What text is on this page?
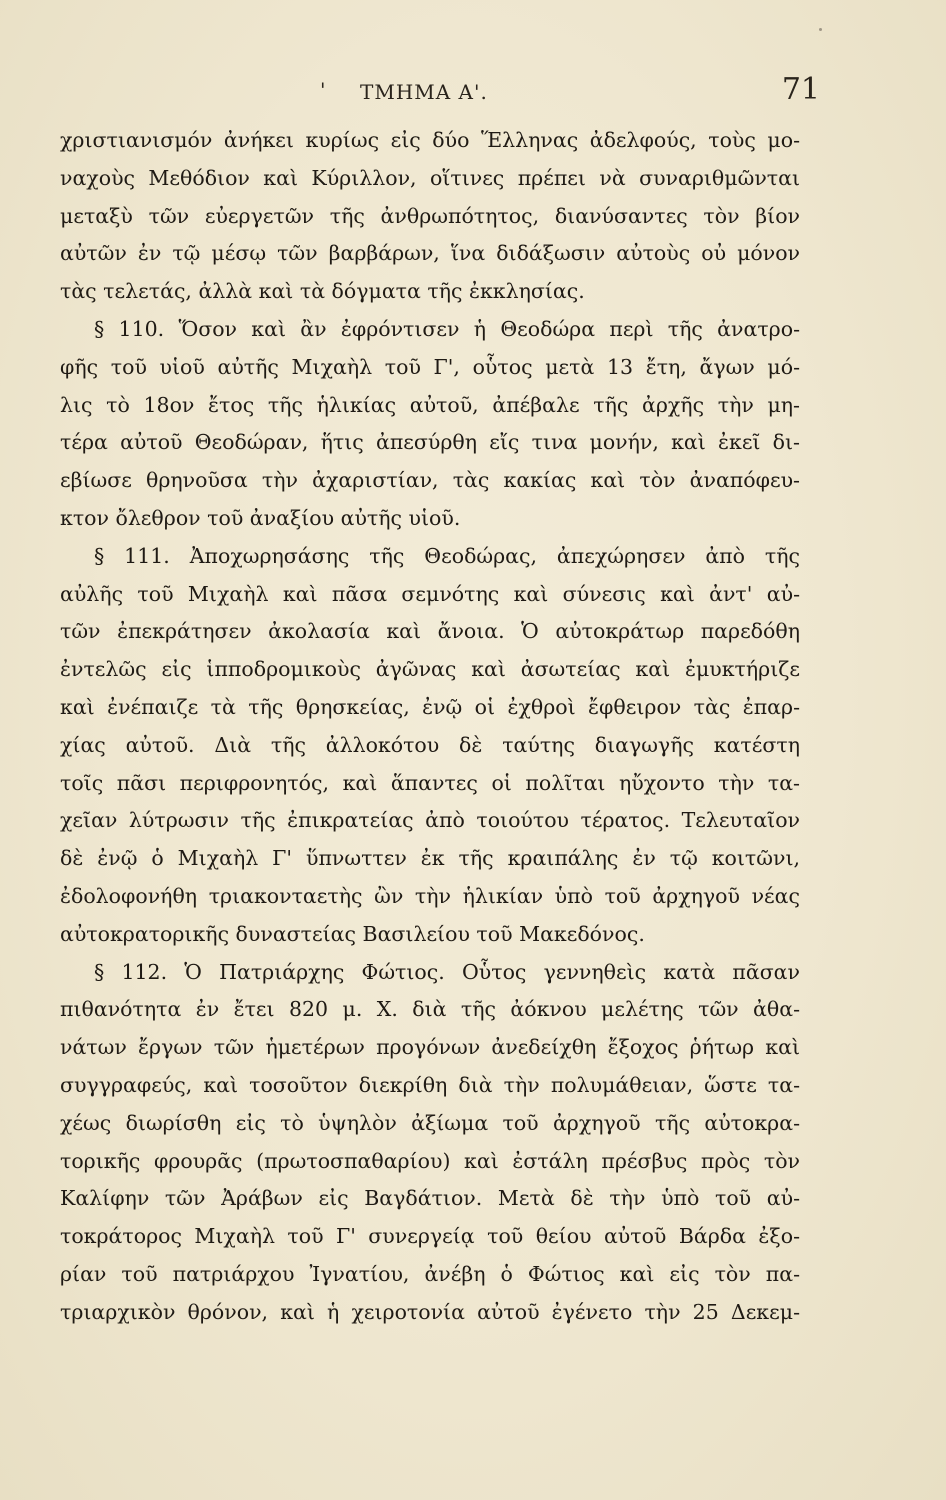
' ΤΜΗΜΑ Α'.	71
χριστιανισμόν ἀνήκει κυρίως εἰς δύο Ἕλληνας ἀδελφούς, τοὺς μο-
ναχοὺς Μεθόδιον καὶ Κύριλλον, οἵτινες πρέπει νὰ συναριθμῶνται
μεταξὺ τῶν εὐεργετῶν τῆς ἀνθρωπότητος, διανύσαντες τὸν βίον
αὐτῶν ἐν τῷ μέσῳ τῶν βαρβάρων, ἵνα διδάξωσιν αὐτοὺς οὐ μόνον
τὰς τελετάς, ἀλλὰ καὶ τὰ δόγματα τῆς ἐκκλησίας.
§ 110. Ὅσον καὶ ἂν ἐφρόντισεν ἡ Θεοδώρα περὶ τῆς ἀνατρο-
φῆς τοῦ υἱοῦ αὐτῆς Μιχαὴλ τοῦ Γ', οὗτος μετὰ 13 ἔτη, ἄγων μό-
λις τὸ 18ον ἔτος τῆς ἡλικίας αὐτοῦ, ἀπέβαλε τῆς ἀρχῆς τὴν μη-
τέρα αὐτοῦ Θεοδώραν, ἥτις ἀπεσύρθη εἴς τινα μονήν, καὶ ἐκεῖ δι-
εβίωσε θρηνοῦσα τὴν ἀχαριστίαν, τὰς κακίας καὶ τὸν ἀναπόφευ-
κτον ὄλεθρον τοῦ ἀναξίου αὐτῆς υἱοῦ.
§ 111. Ἀποχωρησάσης τῆς Θεοδώρας, ἀπεχώρησεν ἀπὸ τῆς
αὐλῆς τοῦ Μιχαὴλ καὶ πᾶσα σεμνότης καὶ σύνεσις καὶ ἀντ' αὐ-
τῶν ἐπεκράτησεν ἀκολασία καὶ ἄνοια. Ὁ αὐτοκράτωρ παρεδόθη
ἐντελῶς εἰς ἱπποδρομικοὺς ἀγῶνας καὶ ἀσωτείας καὶ ἐμυκτήριζε
καὶ ἐνέπαιζε τὰ τῆς θρησκείας, ἐνῷ οἱ ἐχθροὶ ἔφθειρον τὰς ἐπαρ-
χίας αὐτοῦ. Διὰ τῆς ἀλλοκότου δὲ ταύτης διαγωγῆς κατέστη
τοῖς πᾶσι περιφρονητός, καὶ ἅπαντες οἱ πολῖται ηὔχοντο τὴν τα-
χεῖαν λύτρωσιν τῆς ἐπικρατείας ἀπὸ τοιούτου τέρατος. Τελευταῖον
δὲ ἐνῷ ὁ Μιχαὴλ Γ' ὕπνωττεν ἐκ τῆς κραιπάλης ἐν τῷ κοιτῶνι,
ἐδολοφονήθη τριακονταετὴς ὢν τὴν ἡλικίαν ὑπὸ τοῦ ἀρχηγοῦ νέας
αὐτοκρατορικῆς δυναστείας Βασιλείου τοῦ Μακεδόνος.
§ 112. Ὁ Πατριάρχης Φώτιος. Οὗτος γεννηθεὶς κατὰ πᾶσαν
πιθανότητα ἐν ἔτει 820 μ. Χ. διὰ τῆς ἀόκνου μελέτης τῶν ἀθα-
νάτων ἔργων τῶν ἡμετέρων προγόνων ἀνεδείχθη ἔξοχος ῥήτωρ καὶ
συγγραφεύς, καὶ τοσοῦτον διεκρίθη διὰ τὴν πολυμάθειαν, ὥστε τα-
χέως διωρίσθη εἰς τὸ ὑψηλὸν ἀξίωμα τοῦ ἀρχηγοῦ τῆς αὐτοκρα-
τορικῆς φρουρᾶς (πρωτοσπαθαρίου) καὶ ἐστάλη πρέσβυς πρὸς τὸν
Καλίφην τῶν Ἀράβων εἰς Βαγδάτιον. Μετὰ δὲ τὴν ὑπὸ τοῦ αὐ-
τοκράτορος Μιχαὴλ τοῦ Γ' συνεργείᾳ τοῦ θείου αὐτοῦ Βάρδα ἐξο-
ρίαν τοῦ πατριάρχου Ἰγνατίου, ἀνέβη ὁ Φώτιος καὶ εἰς τὸν πα-
τριαρχικὸν θρόνον, καὶ ἡ χειροτονία αὐτοῦ ἐγένετο τὴν 25 Δεκεμ-
